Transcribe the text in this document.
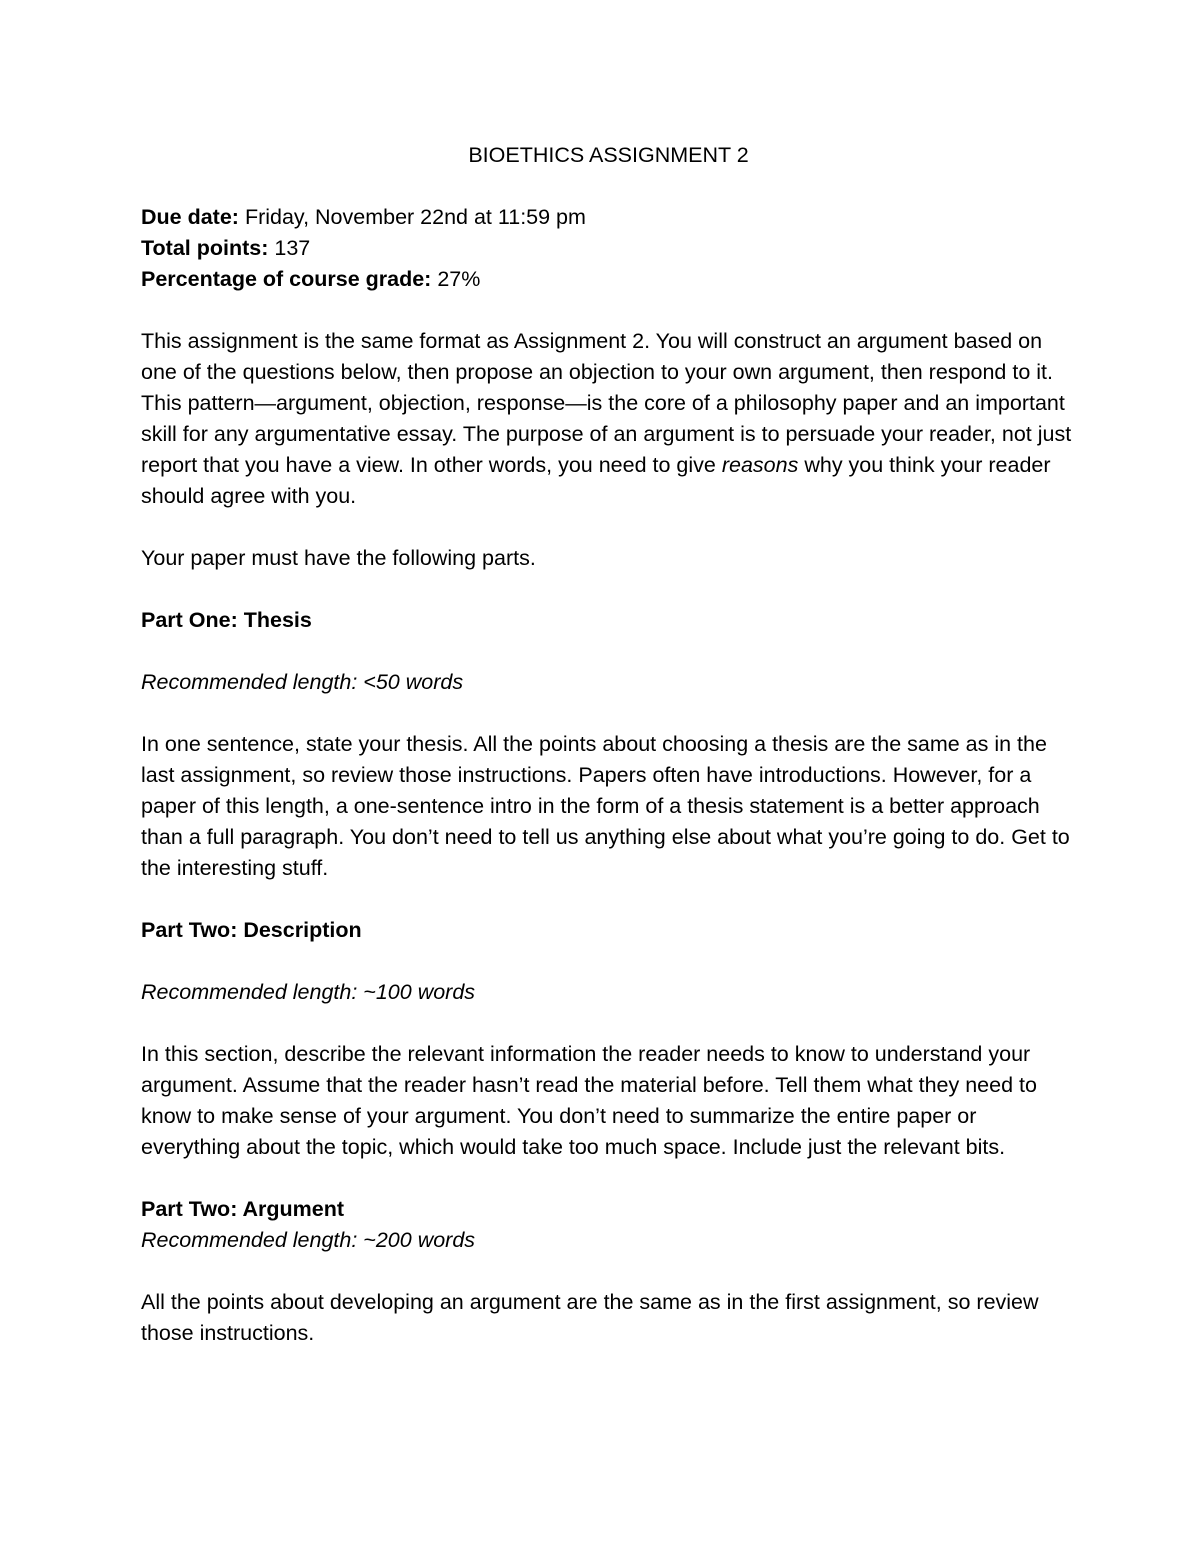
BIOETHICS ASSIGNMENT 2

Due date: Friday, November 22nd at 11:59 pm

Total points: 137

Percentage of course grade: 27%

This assignment is the same format as Assignment 2. You will construct an argument based on one of the questions below, then propose an objection to your own argument, then respond to it. This pattern—argument, objection, response—is the core of a philosophy paper and an important skill for any argumentative essay. The purpose of an argument is to persuade your reader, not just report that you have a view. In other words, you need to give reasons why you think your reader should agree with you.

Your paper must have the following parts.

Part One: Thesis

Recommended length: <50 words

In one sentence, state your thesis. All the points about choosing a thesis are the same as in the last assignment, so review those instructions. Papers often have introductions. However, for a paper of this length, a one-sentence intro in the form of a thesis statement is a better approach than a full paragraph. You don’t need to tell us anything else about what you’re going to do. Get to the interesting stuff.

Part Two: Description

Recommended length: ~100 words

In this section, describe the relevant information the reader needs to know to understand your argument. Assume that the reader hasn’t read the material before. Tell them what they need to know to make sense of your argument. You don’t need to summarize the entire paper or everything about the topic, which would take too much space. Include just the relevant bits.

Part Two: Argument

Recommended length: ~200 words

All the points about developing an argument are the same as in the first assignment, so review those instructions.
